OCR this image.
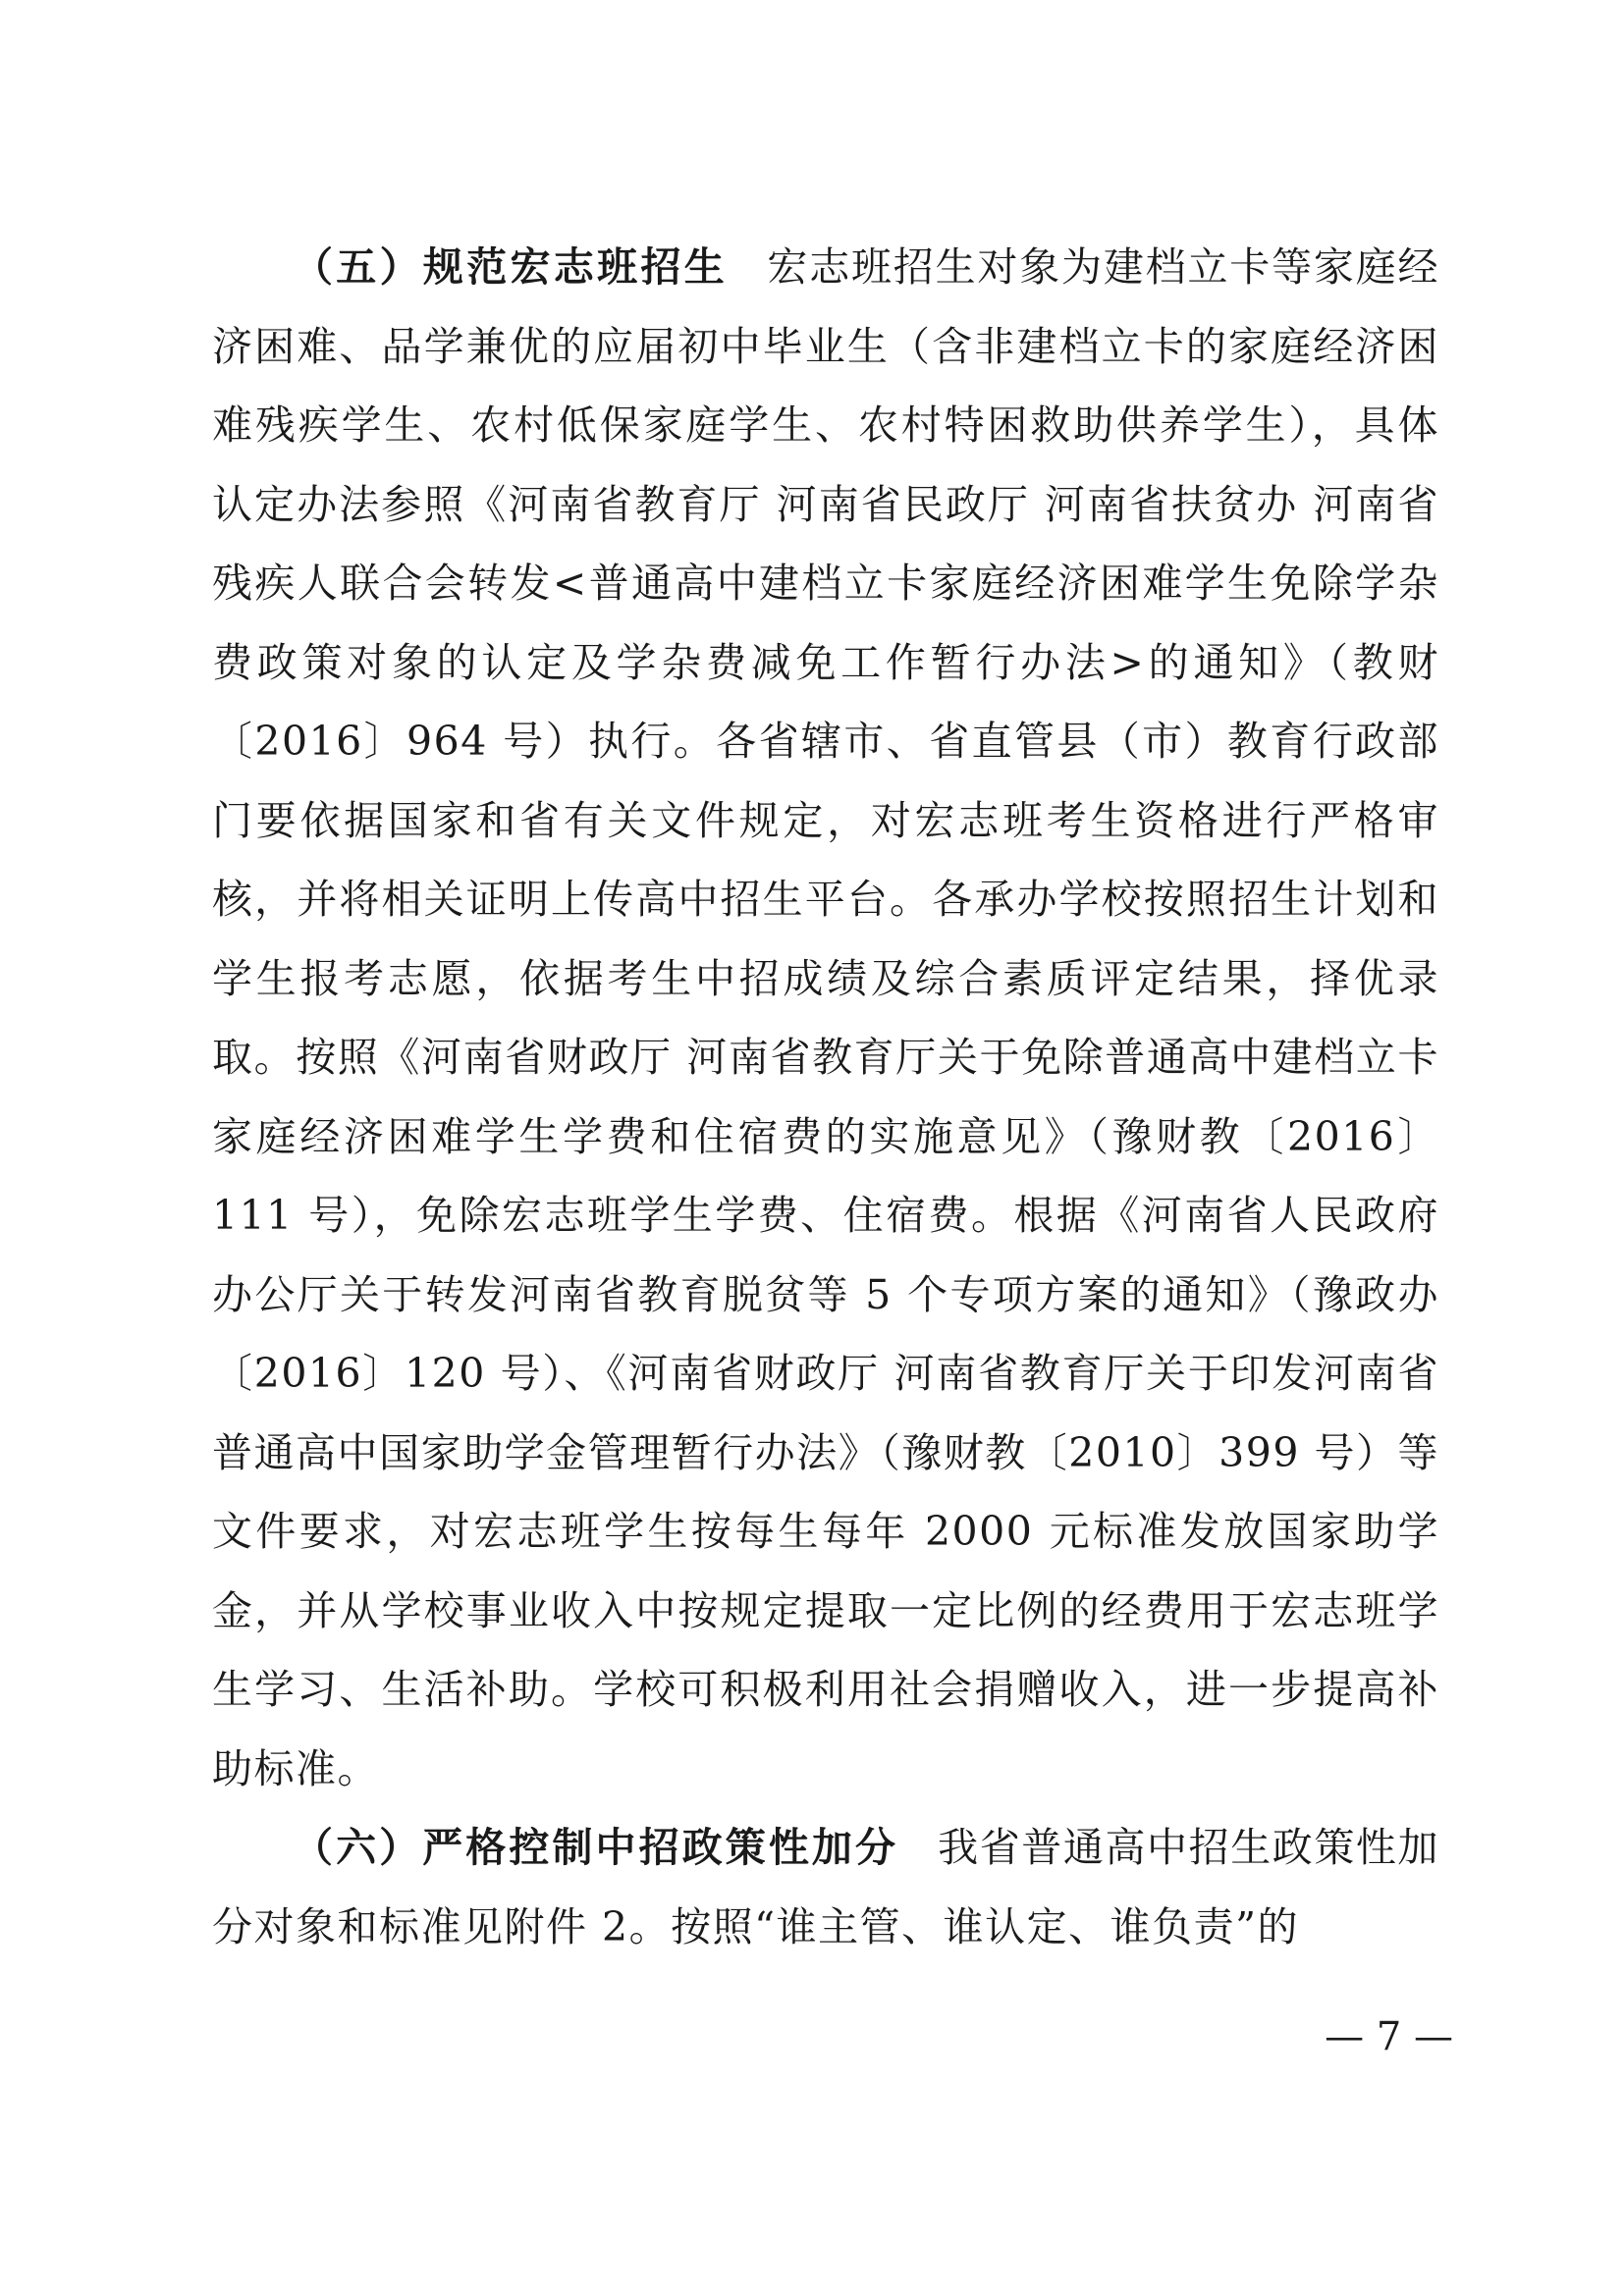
（五）规范宏志班招生 宏志班招生对象为建档立卡等家庭经济困难、品学兼优的应届初中毕业生（含非建档立卡的家庭经济困难残疾学生、农村低保家庭学生、农村特困救助供养学生），具体认定办法参照《河南省教育厅 河南省民政厅 河南省扶贫办 河南省残疾人联合会转发<普通高中建档立卡家庭经济困难学生免除学杂费政策对象的认定及学杂费减免工作暂行办法>的通知》（教财〔2016〕964 号）执行。各省辖市、省直管县（市）教育行政部门要依据国家和省有关文件规定，对宏志班考生资格进行严格审核，并将相关证明上传高中招生平台。各承办学校按照招生计划和学生报考志愿，依据考生中招成绩及综合素质评定结果，择优录取。按照《河南省财政厅 河南省教育厅关于免除普通高中建档立卡家庭经济困难学生学费和住宿费的实施意见》（豫财教〔2016〕111 号），免除宏志班学生学费、住宿费。根据《河南省人民政府办公厅关于转发河南省教育脱贫等 5 个专项方案的通知》（豫政办〔2016〕120 号）、《河南省财政厅 河南省教育厅关于印发河南省普通高中国家助学金管理暂行办法》（豫财教〔2010〕399 号）等文件要求，对宏志班学生按每生每年 2000 元标准发放国家助学金，并从学校事业收入中按规定提取一定比例的经费用于宏志班学生学习、生活补助。学校可积极利用社会捐赠收入，进一步提高补助标准。

（六）严格控制中招政策性加分 我省普通高中招生政策性加分对象和标准见附件 2。按照“谁主管、谁认定、谁负责”的

— 7 —
